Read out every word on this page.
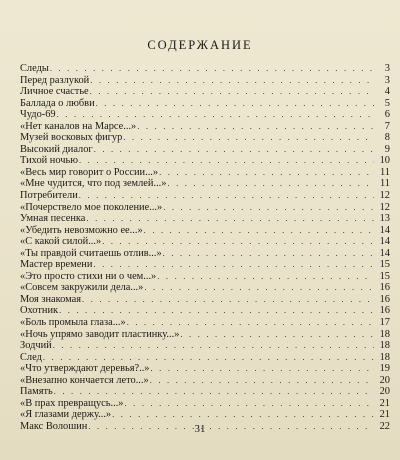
СОДЕРЖАНИЕ
Следы . . .	3
Перед разлукой . . .	3
Личное счастье . . .	4
Баллада о любви . . .	5
Чудо-69 . . .	6
«Нет каналов на Марсе...» . . .	7
Музей восковых фигур . . .	8
Высокий диалог . . .	9
Тихой ночью . . .	10
«Весь мир говорит о России...» . . .	11
«Мне чудится, что под землей...» . . .	11
Потребители . . .	12
«Почерствело мое поколение...» . . .	12
Умная песенка . . .	13
«Убедить невозможно ее...» . . .	14
«С какой силой...» . . .	14
«Ты правдой считаешь отлив...» . . .	14
Мастер времени . . .	15
«Это просто стихи ни о чем...» . . .	15
«Совсем закружили дела...» . . .	16
Моя знакомая . . .	16
Охотник . . .	16
«Боль промыла глаза...» . . .	17
«Ночь упрямо заводит пластинку...» . . .	18
Зодчий . . .	18
След . . .	18
«Что утверждают деревья?..» . . .	19
«Внезапно кончается лето...» . . .	20
Память . . .	20
«В прах превращусь...» . . .	21
«Я глазами держу...» . . .	21
Макс Волошин . . .	22
31
